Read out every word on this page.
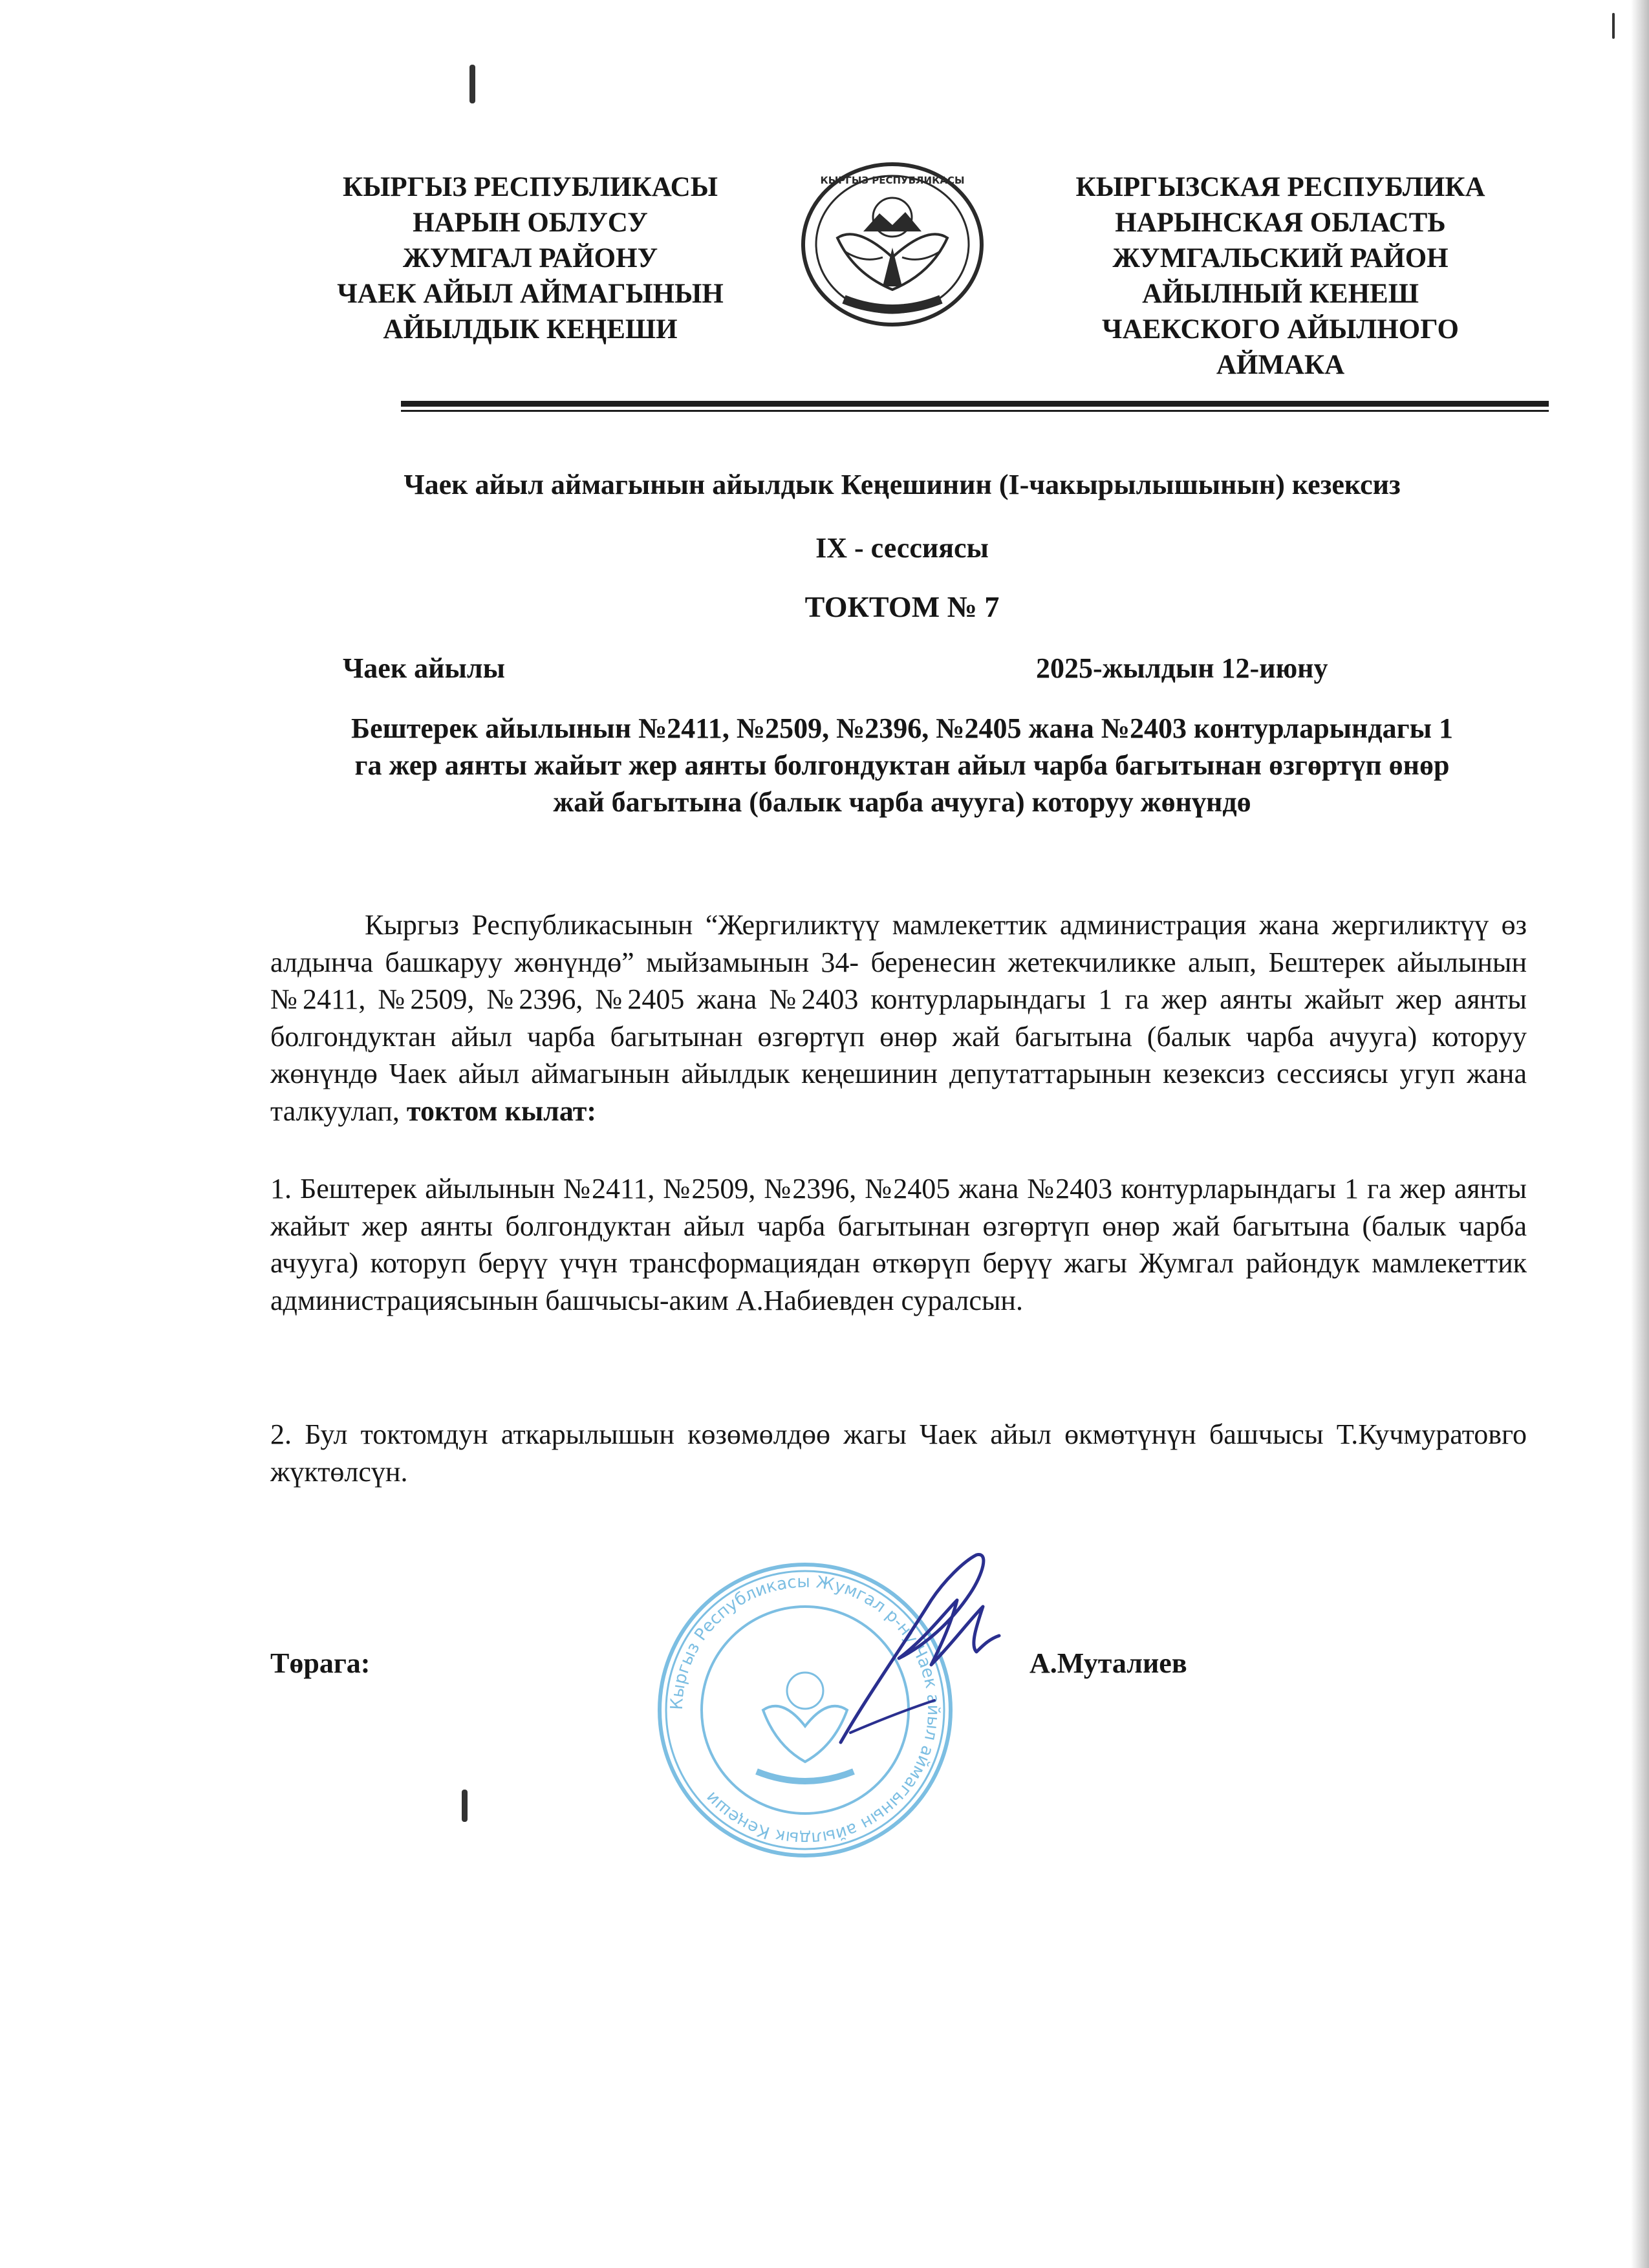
КЫРГЫЗ РЕСПУБЛИКАСЫ
НАРЫН ОБЛУСУ
ЖУМГАЛ РАЙОНУ
ЧАЕК АЙЫЛ АЙМАГЫНЫН
АЙЫЛДЫК КЕҢЕШИ
КЫРГЫЗ РЕСПУБЛИКАСЫ	КЫРГЫЗСКАЯ РЕСПУБЛИКА
НАРЫНСКАЯ ОБЛАСТЬ
ЖУМГАЛЬСКИЙ РАЙОН
АЙЫЛНЫЙ КЕНЕШ
ЧАЕКСКОГО АЙЫЛНОГО
АЙМАКА
Чаек айыл аймагынын айылдык Кеңешинин (I-чакырылышынын) кезексиз
IX - сессиясы
ТОКТОМ № 7
Чаек айылы	2025-жылдын 12-июну
Бештерек айылынын №2411, №2509, №2396, №2405 жана №2403 контурларындагы 1
га жер аянты жайыт жер аянты болгондуктан айыл чарба багытынан өзгөртүп өнөр
жай багытына (балык чарба ачууга) которуу жөнүндө

Кыргыз Республикасынын “Жергиликтүү мамлекеттик администрация жана жергиликтүү өз алдынча башкаруу жөнүндө” мыйзамынын 34- беренесин жетекчиликке алып, Бештерек айылынын №2411, №2509, №2396, №2405 жана №2403 контурларындагы 1 га жер аянты жайыт жер аянты болгондуктан айыл чарба багытынан өзгөртүп өнөр жай багытына (балык чарба ачууга) которуу жөнүндө Чаек айыл аймагынын айылдык кеңешинин депутаттарынын кезексиз сессиясы угуп жана талкуулап, токтом кылат:

1. Бештерек айылынын №2411, №2509, №2396, №2405 жана №2403 контурларындагы 1 га жер аянты жайыт жер аянты болгондуктан айыл чарба багытынан өзгөртүп өнөр жай багытына (балык чарба ачууга) которуп берүү үчүн трансформациядан өткөрүп берүү жагы Жумгал райондук мамлекеттик администрациясынын башчысы-аким А.Набиевден суралсын.

2. Бул токтомдун аткарылышын көзөмөлдөө жагы Чаек айыл өкмөтүнүн башчысы Т.Кучмуратовго жүктөлсүн.

Кыргыз Республикасы Жумгал р-ну Чаек айыл аймагынын айылдык Кеңеши
Төрага:	А.Муталиев
